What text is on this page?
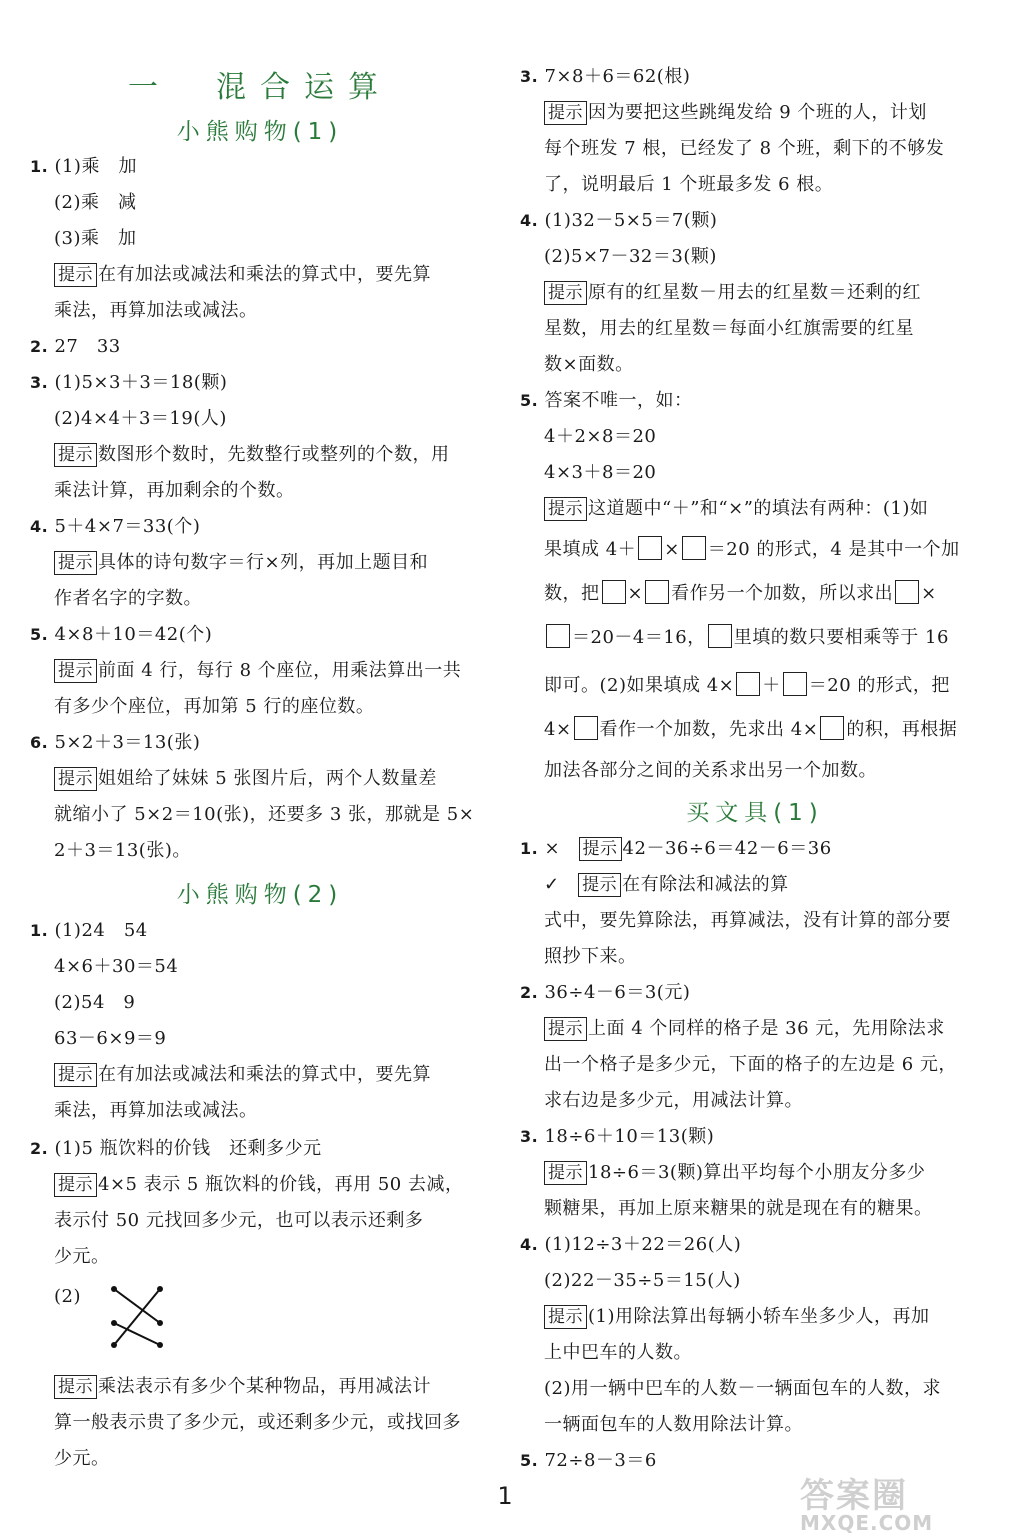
一　混合运算
小熊购物(1)
1. (1)乘　加
(2)乘　减
(3)乘　加
提示 在有加法或减法和乘法的算式中，要先算
乘法，再算加法或减法。
2. 27　33
3. (1)5×3＋3＝18(颗)
(2)4×4＋3＝19(人)
提示 数图形个数时，先数整行或整列的个数，用
乘法计算，再加剩余的个数。
4. 5＋4×7＝33(个)
提示 具体的诗句数字＝行×列，再加上题目和
作者名字的字数。
5. 4×8＋10＝42(个)
提示 前面 4 行，每行 8 个座位，用乘法算出一共
有多少个座位，再加第 5 行的座位数。
6. 5×2＋3＝13(张)
提示 姐姐给了妹妹 5 张图片后，两个人数量差
就缩小了 5×2＝10(张)，还要多 3 张，那就是 5×
2＋3＝13(张)。
小熊购物(2)
1. (1)24　54
4×6＋30＝54
(2)54　9
63－6×9＝9
提示 在有加法或减法和乘法的算式中，要先算
乘法，再算加法或减法。
2. (1)5 瓶饮料的价钱　还剩多少元
提示 4×5 表示 5 瓶饮料的价钱，再用 50 去减，
表示付 50 元找回多少元，也可以表示还剩多
少元。
(2)
提示 乘法表示有多少个某种物品，再用减法计
算一般表示贵了多少元，或还剩多少元，或找回多
少元。
3. 7×8＋6＝62(根)
提示 因为要把这些跳绳发给 9 个班的人，计划
每个班发 7 根，已经发了 8 个班，剩下的不够发
了，说明最后 1 个班最多发 6 根。
4. (1)32－5×5＝7(颗)
(2)5×7－32＝3(颗)
提示 原有的红星数－用去的红星数＝还剩的红
星数，用去的红星数＝每面小红旗需要的红星
数×面数。
5. 答案不唯一，如：
4＋2×8＝20
4×3＋8＝20
提示 这道题中“＋”和“×”的填法有两种：(1)如
果填成 4＋ × ＝20 的形式，4 是其中一个加
数，把 × 看作另一个加数，所以求出 ×
＝20－4＝16， 里填的数只要相乘等于 16
即可。(2)如果填成 4× ＋ ＝20 的形式，把
4× 看作一个加数，先求出 4× 的积，再根据
加法各部分之间的关系求出另一个加数。
买文具(1)
1. ×　 提示 42－36÷6＝42－6＝36
✓　 提示 在有除法和减法的算
式中，要先算除法，再算减法，没有计算的部分要
照抄下来。
2. 36÷4－6＝3(元)
提示 上面 4 个同样的格子是 36 元，先用除法求
出一个格子是多少元，下面的格子的左边是 6 元，
求右边是多少元，用减法计算。
3. 18÷6＋10＝13(颗)
提示 18÷6＝3(颗)算出平均每个小朋友分多少
颗糖果，再加上原来糖果的就是现在有的糖果。
4. (1)12÷3＋22＝26(人)
(2)22－35÷5＝15(人)
提示 (1)用除法算出每辆小轿车坐多少人，再加
上中巴车的人数。
(2)用一辆中巴车的人数－一辆面包车的人数，求
一辆面包车的人数用除法计算。
5. 72÷8－3＝6
1	答案圈
MXQE.COM
